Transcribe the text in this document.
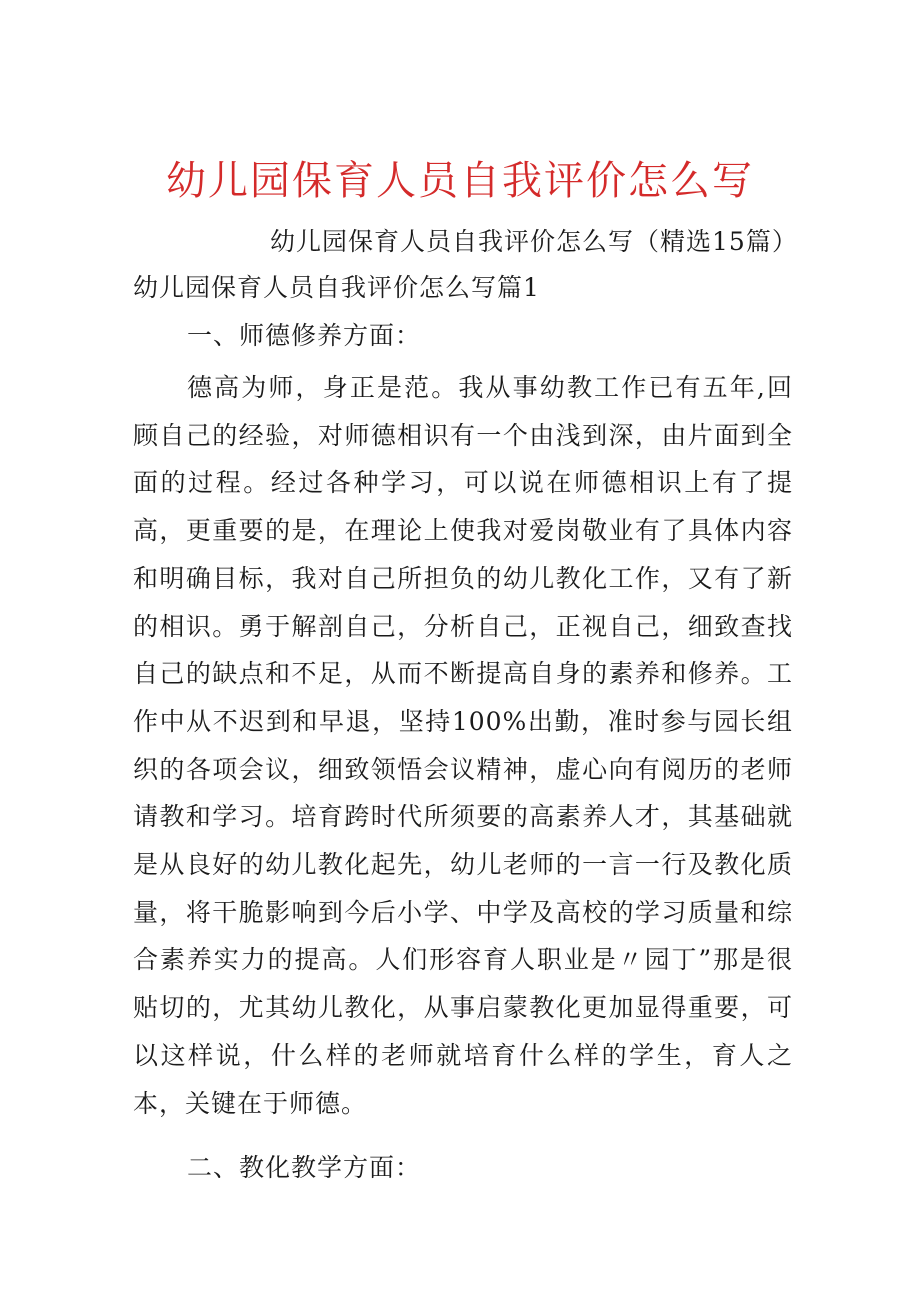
幼儿园保育人员自我评价怎么写
幼儿园保育人员自我评价怎么写（精选15篇）
幼儿园保育人员自我评价怎么写篇1
一、师德修养方面：

德高为师，身正是范。我从事幼教工作已有五年,回顾自己的经验，对师德相识有一个由浅到深，由片面到全面的过程。经过各种学习，可以说在师德相识上有了提高，更重要的是，在理论上使我对爱岗敬业有了具体内容和明确目标，我对自己所担负的幼儿教化工作，又有了新的相识。勇于解剖自己，分析自己，正视自己，细致查找自己的缺点和不足，从而不断提高自身的素养和修养。工作中从不迟到和早退，坚持100%出勤，准时参与园长组织的各项会议，细致领悟会议精神，虚心向有阅历的老师请教和学习。培育跨时代所须要的高素养人才，其基础就是从良好的幼儿教化起先，幼儿老师的一言一行及教化质量，将干脆影响到今后小学、中学及高校的学习质量和综合素养实力的提高。人们形容育人职业是〃园丁”那是很贴切的，尤其幼儿教化，从事启蒙教化更加显得重要，可以这样说，什么样的老师就培育什么样的学生，育人之本，关键在于师德。

二、教化教学方面：
